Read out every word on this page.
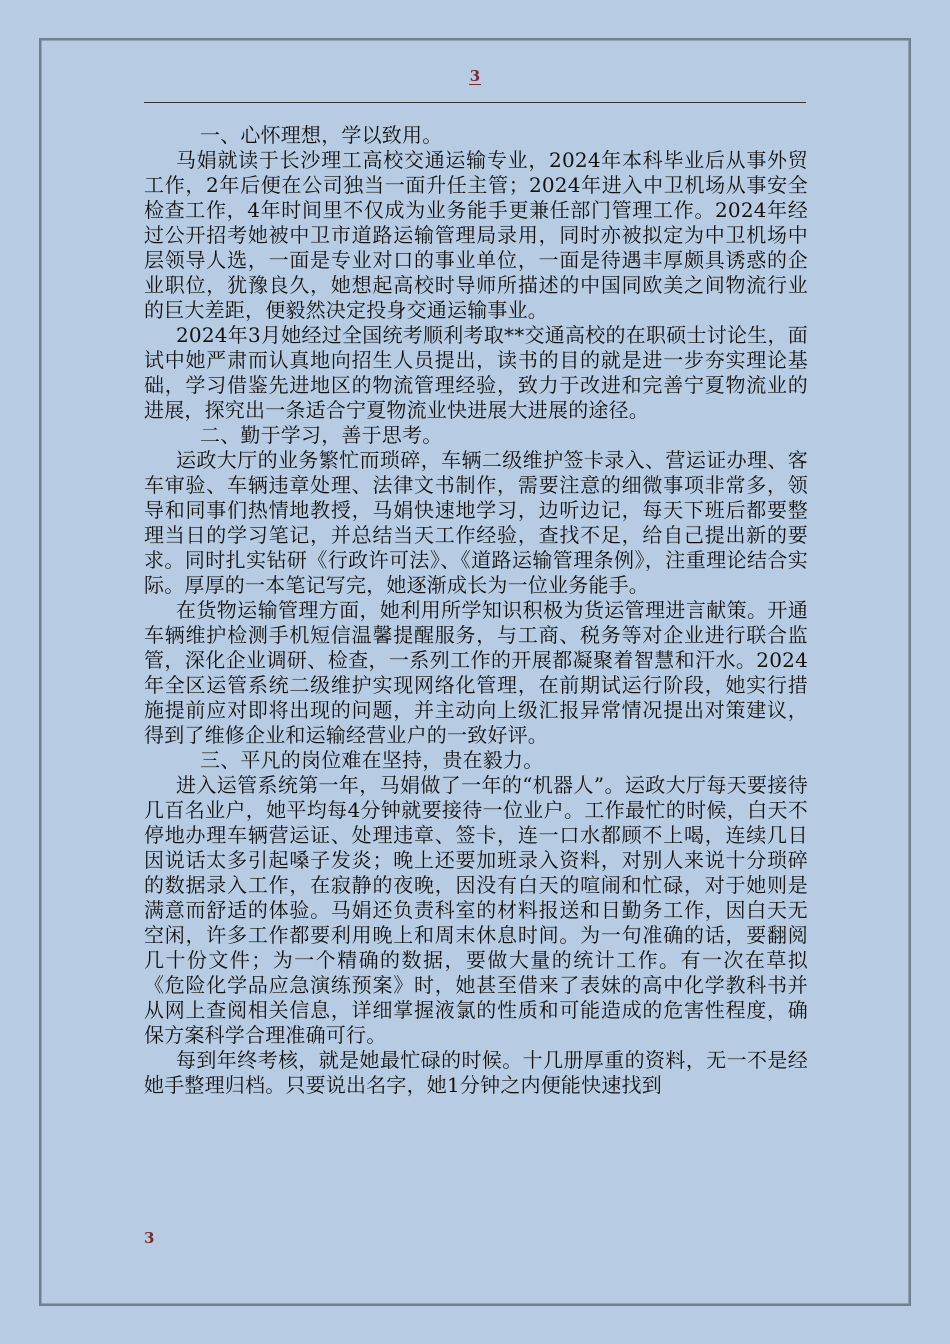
3

一、心怀理想，学以致用。

马娟就读于长沙理工高校交通运输专业，2024年本科毕业后从事外贸工作，2年后便在公司独当一面升任主管；2024年进入中卫机场从事安全检查工作，4年时间里不仅成为业务能手更兼任部门管理工作。2024年经过公开招考她被中卫市道路运输管理局录用，同时亦被拟定为中卫机场中层领导人选，一面是专业对口的事业单位，一面是待遇丰厚颇具诱惑的企业职位，犹豫良久，她想起高校时导师所描述的中国同欧美之间物流行业的巨大差距，便毅然决定投身交通运输事业。

2024年3月她经过全国统考顺利考取**交通高校的在职硕士讨论生，面试中她严肃而认真地向招生人员提出，读书的目的就是进一步夯实理论基础，学习借鉴先进地区的物流管理经验，致力于改进和完善宁夏物流业的进展，探究出一条适合宁夏物流业快进展大进展的途径。

二、勤于学习，善于思考。

运政大厅的业务繁忙而琐碎，车辆二级维护签卡录入、营运证办理、客车审验、车辆违章处理、法律文书制作，需要注意的细微事项非常多，领导和同事们热情地教授，马娟快速地学习，边听边记，每天下班后都要整理当日的学习笔记，并总结当天工作经验，查找不足，给自己提出新的要求。同时扎实钻研《行政许可法》、《道路运输管理条例》，注重理论结合实际。厚厚的一本笔记写完，她逐渐成长为一位业务能手。

在货物运输管理方面，她利用所学知识积极为货运管理进言献策。开通车辆维护检测手机短信温馨提醒服务，与工商、税务等对企业进行联合监管，深化企业调研、检查，一系列工作的开展都凝聚着智慧和汗水。2024年全区运管系统二级维护实现网络化管理，在前期试运行阶段，她实行措施提前应对即将出现的问题，并主动向上级汇报异常情况提出对策建议，得到了维修企业和运输经营业户的一致好评。

三、平凡的岗位难在坚持，贵在毅力。

进入运管系统第一年，马娟做了一年的“机器人”。运政大厅每天要接待几百名业户，她平均每4分钟就要接待一位业户。工作最忙的时候，白天不停地办理车辆营运证、处理违章、签卡，连一口水都顾不上喝，连续几日因说话太多引起嗓子发炎；晚上还要加班录入资料，对别人来说十分琐碎的数据录入工作，在寂静的夜晚，因没有白天的喧闹和忙碌，对于她则是满意而舒适的体验。马娟还负责科室的材料报送和日勤务工作，因白天无空闲，许多工作都要利用晚上和周末休息时间。为一句准确的话，要翻阅几十份文件；为一个精确的数据，要做大量的统计工作。有一次在草拟《危险化学品应急演练预案》时，她甚至借来了表妹的高中化学教科书并从网上查阅相关信息，详细掌握液氯的性质和可能造成的危害性程度，确保方案科学合理准确可行。

每到年终考核，就是她最忙碌的时候。十几册厚重的资料，无一不是经她手整理归档。只要说出名字，她1分钟之内便能快速找到

3
